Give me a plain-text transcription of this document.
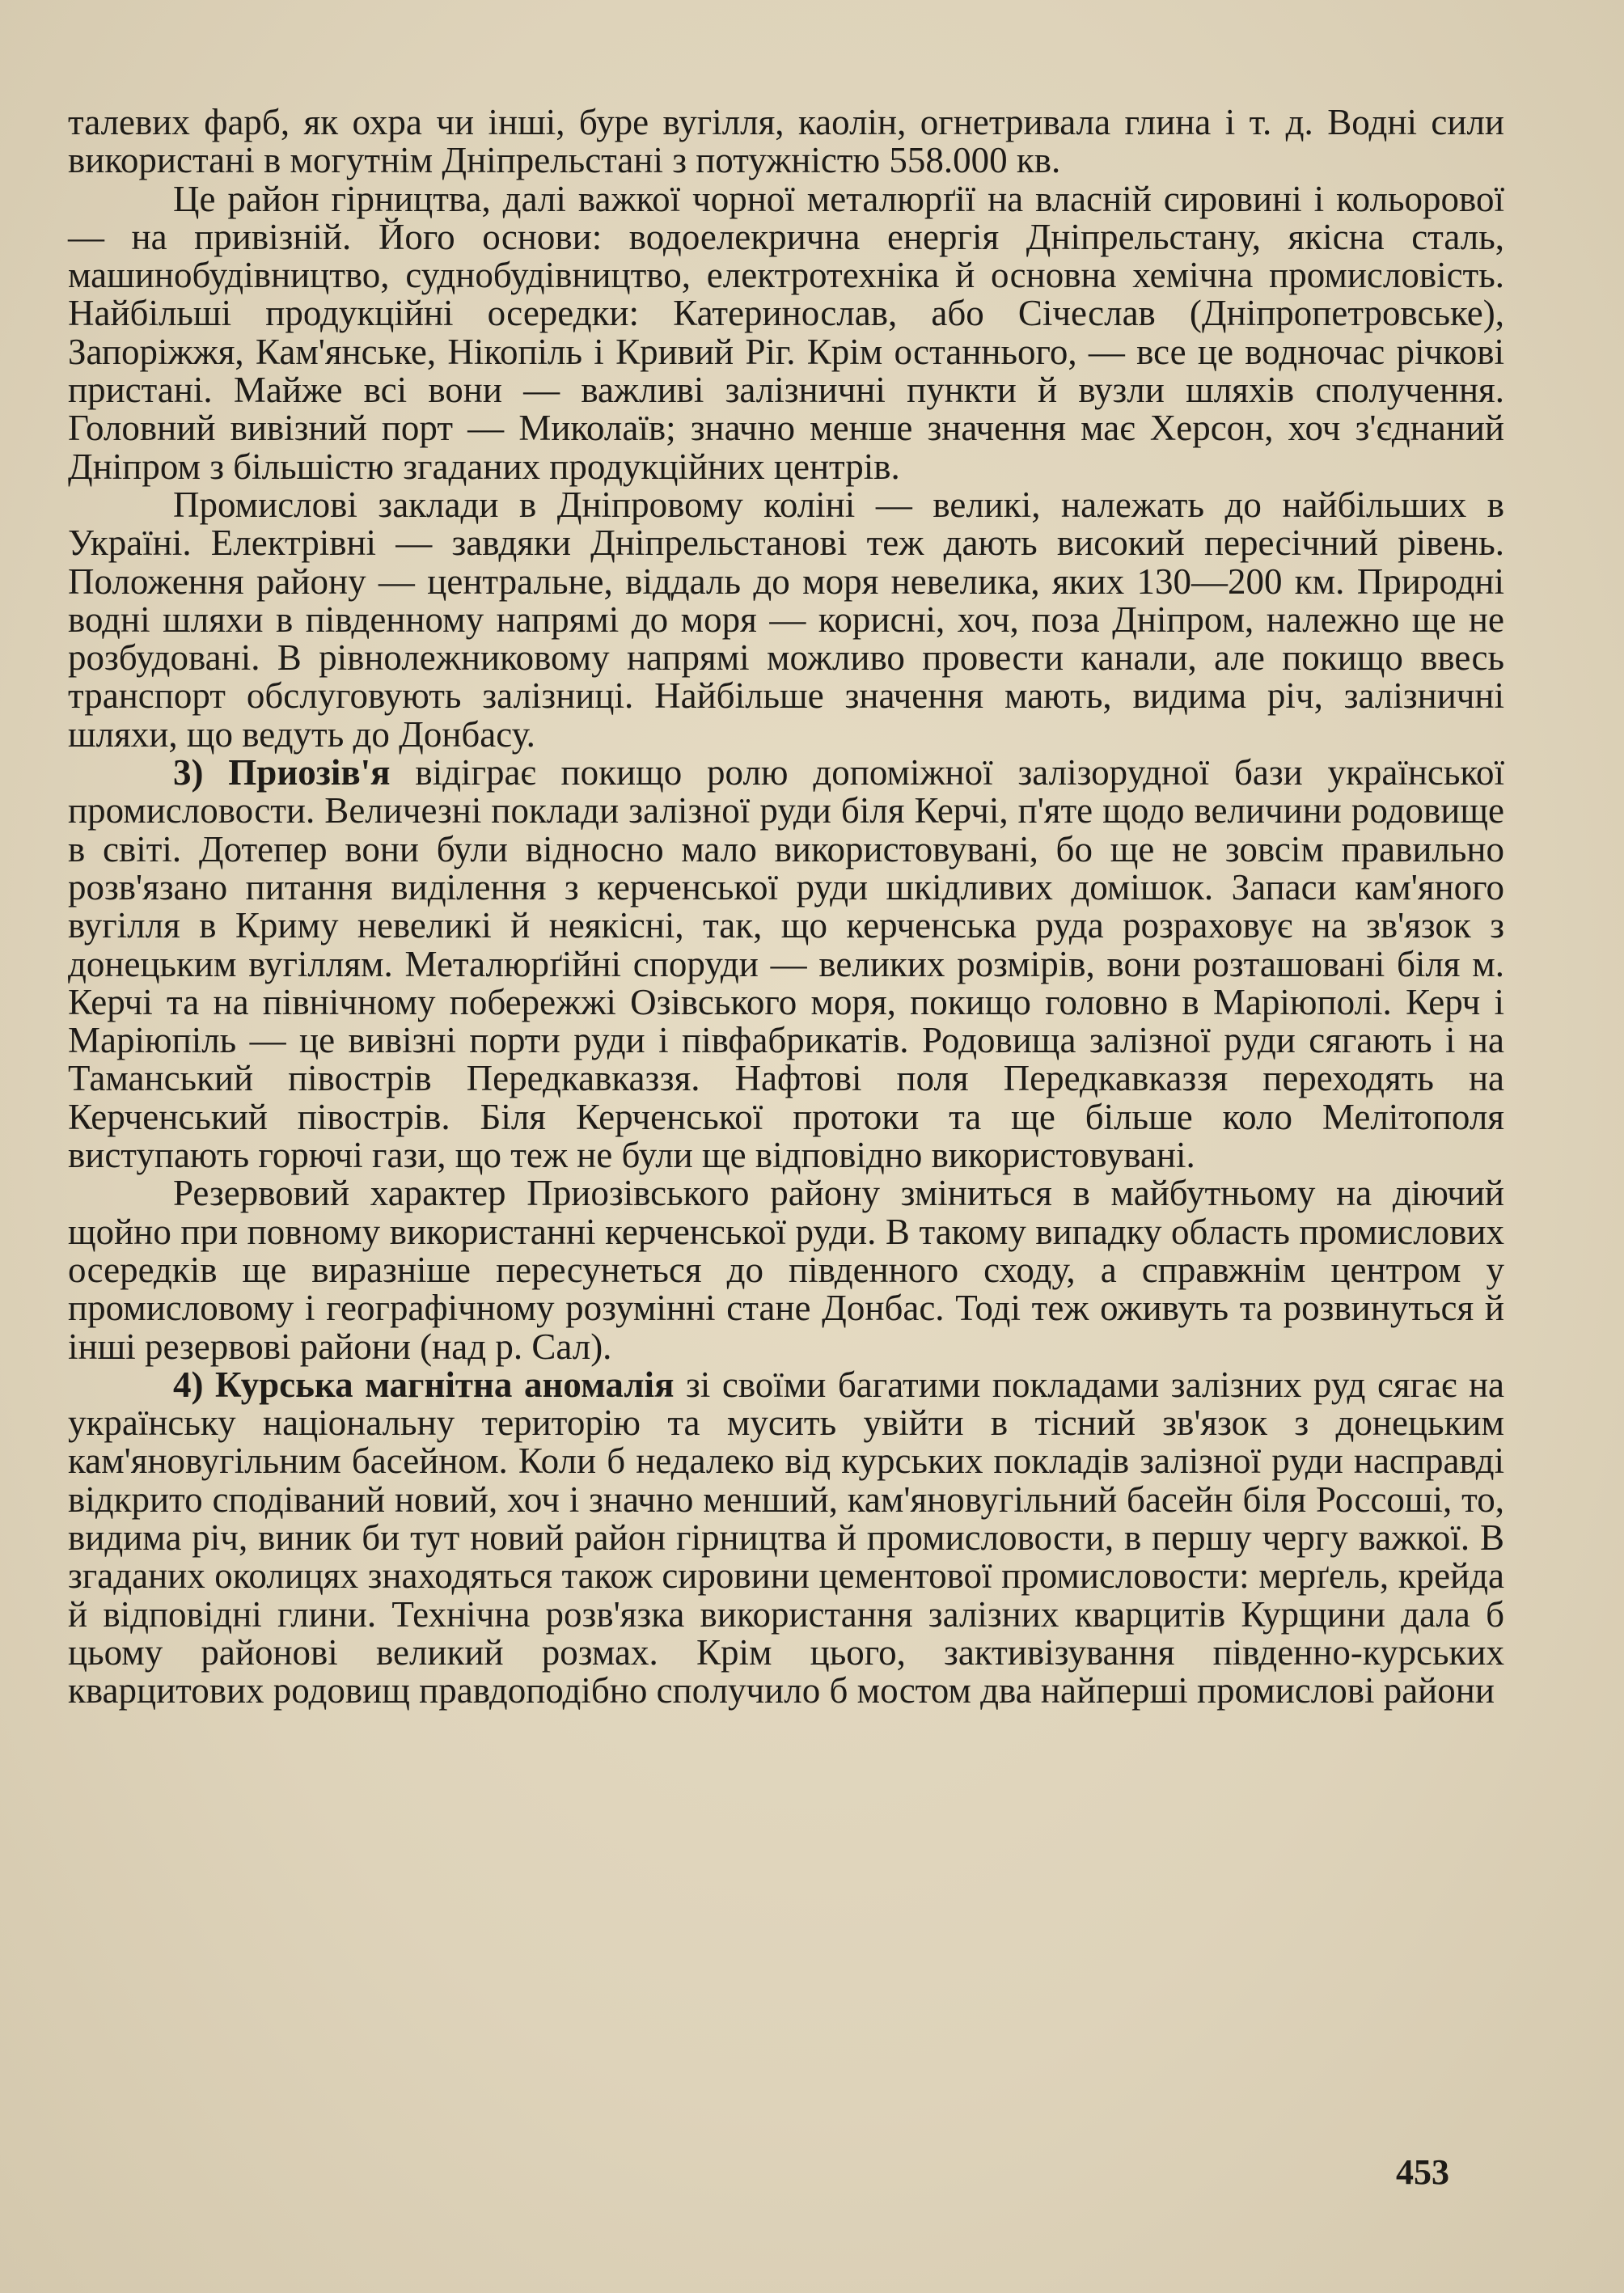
талевих фарб, як охра чи інші, буре вугілля, каолін, огнетривала глина і т. д. Водні сили використані в могутнім Дніпрельстані з потужністю 558.000 кв.

Це район гірництва, далі важкої чорної металюрґії на власній сировині і кольорової — на привізній. Його основи: водоелекрична енергія Дніпрельстану, якісна сталь, машинобудівництво, суднобудівництво, електротехніка й основна хемічна промисловість. Найбільші продукційні осередки: Катеринослав, або Січеслав (Дніпропетровське), Запоріжжя, Кам'янське, Нікопіль і Кривий Ріг. Крім останнього, — все це водночас річкові пристані. Майже всі вони — важливі залізничні пункти й вузли шляхів сполучення. Головний вивізний порт — Миколаїв; значно менше значення має Херсон, хоч з'єднаний Дніпром з більшістю згаданих продукційних центрів.

Промислові заклади в Дніпровому коліні — великі, належать до найбільших в Україні. Електрівні — завдяки Дніпрельстанові теж дають високий пересічний рівень. Положення району — центральне, віддаль до моря невелика, яких 130—200 км. Природні водні шляхи в південному напрямі до моря — корисні, хоч, поза Дніпром, належно ще не розбудовані. В рівнолежниковому напрямі можливо провести канали, але покищо ввесь транспорт обслуговують залізниці. Найбільше значення мають, видима річ, залізничні шляхи, що ведуть до Донбасу.

3) Приозів'я відіграє покищо ролю допоміжної залізорудної бази української промисловости. Величезні поклади залізної руди біля Керчі, п'яте щодо величини родовище в світі. Дотепер вони були відносно мало використовувані, бо ще не зовсім правильно розв'язано питання виділення з керченської руди шкідливих домішок. Запаси кам'яного вугілля в Криму невеликі й неякісні, так, що керченська руда розраховує на зв'язок з донецьким вугіллям. Металюрґійні споруди — великих розмірів, вони розташовані біля м. Керчі та на північному побережжі Озівського моря, покищо головно в Маріюполі. Керч і Маріюпіль — це вивізні порти руди і півфабрикатів. Родовища залізної руди сягають і на Таманський півострів Передкавказзя. Нафтові поля Передкавказзя переходять на Керченський півострів. Біля Керченської протоки та ще більше коло Мелітополя виступають горючі гази, що теж не були ще відповідно використовувані.

Резервовий характер Приозівського району зміниться в майбутньому на діючий щойно при повному використанні керченської руди. В такому випадку область промислових осередків ще виразніше пересунеться до південного сходу, а справжнім центром у промисловому і географічному розумінні стане Донбас. Тоді теж оживуть та розвинуться й інші резервові райони (над р. Сал).

4) Курська магнітна аномалія зі своїми багатими покладами залізних руд сягає на українську національну територію та мусить увійти в тісний зв'язок з донецьким кам'яновугільним басейном. Коли б недалеко від курських покладів залізної руди насправді відкрито сподіваний новий, хоч і значно менший, кам'яновугільний басейн біля Россоші, то, видима річ, виник би тут новий район гірництва й промисловости, в першу чергу важкої. В згаданих околицях знаходяться також сировини цементової промисловости: мерґель, крейда й відповідні глини. Технічна розв'язка використання залізних кварцитів Курщини дала б цьому районові великий розмах. Крім цього, зактивізування південно-курських кварцитових родовищ правдоподібно сполучило б мостом два найперші промислові райони

453
